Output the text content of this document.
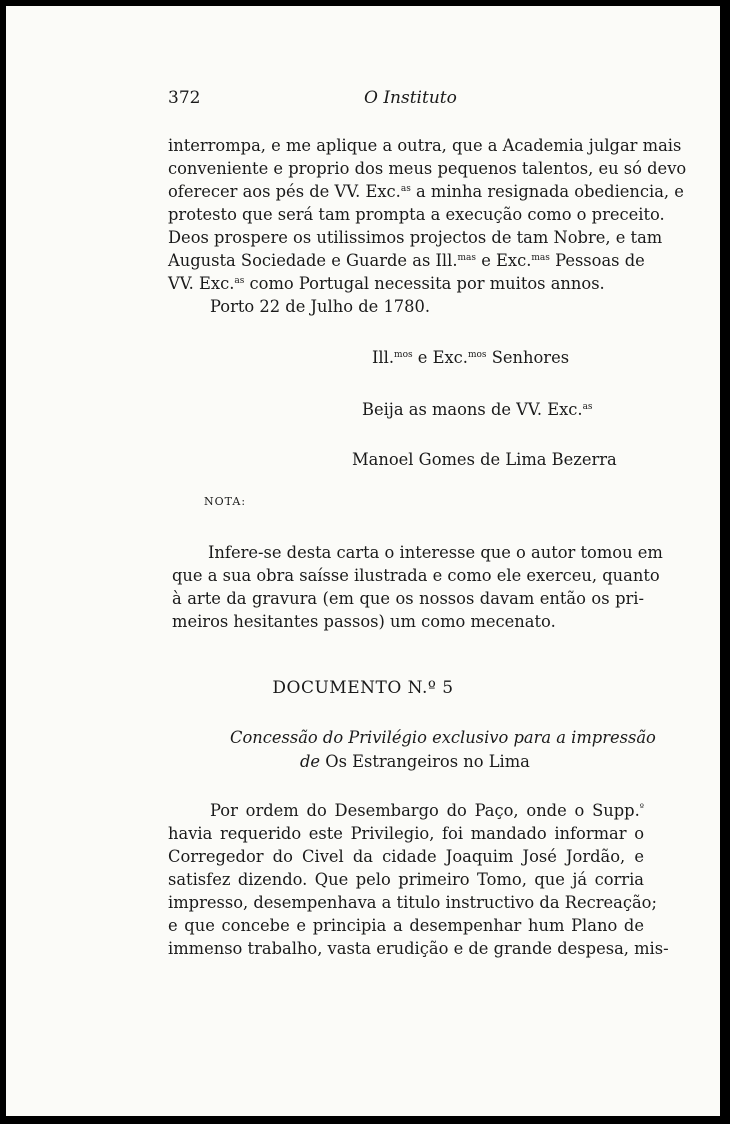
372	O Instituto
interrompa, e me aplique a outra, que a Academia julgar mais
conveniente e proprio dos meus pequenos talentos, eu só devo
oferecer aos pés de VV. Exc.$^{as}$ a minha resignada obediencia, e
protesto que será tam prompta a execução como o preceito.
Deos prospere os utilissimos projectos de tam Nobre, e tam
Augusta Sociedade e Guarde as Ill.$^{mas}$ e Exc.$^{mas}$ Pessoas de
VV. Exc.$^{as}$ como Portugal necessita por muitos annos.
Porto 22 de Julho de 1780.
Ill.$^{mos}$ e Exc.$^{mos}$ Senhores
Beija as maons de VV. Exc.$^{as}$
Manoel Gomes de Lima Bezerra
NOTA:
Infere-se desta carta o interesse que o autor tomou em
que a sua obra saísse ilustrada e como ele exerceu, quanto
à arte da gravura (em que os nossos davam então os pri-
meiros hesitantes passos) um como mecenato.
DOCUMENTO N.º 5
Concessão do Privilégio exclusivo para a impressão
de Os Estrangeiros no Lima
Por ordem do Desembargo do Paço, onde o Supp.$^º$
havia requerido este Privilegio, foi mandado informar o
Corregedor do Civel da cidade Joaquim José Jordão, e
satisfez dizendo. Que pelo primeiro Tomo, que já corria
impresso, desempenhava a titulo instructivo da Recreação;
e que concebe e principia a desempenhar hum Plano de
immenso trabalho, vasta erudição e de grande despesa, mis-
